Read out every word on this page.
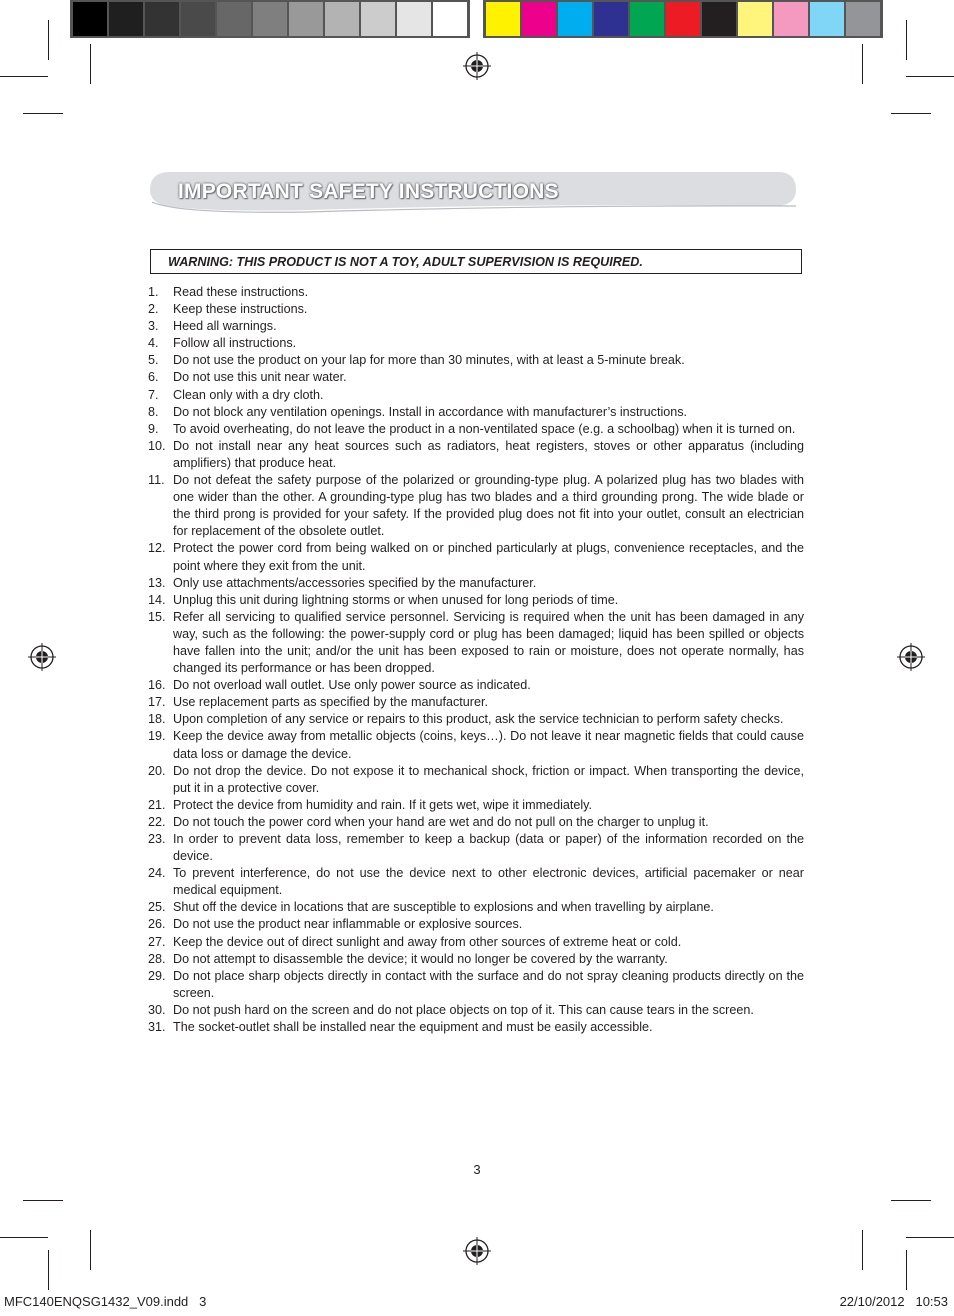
IMPORTANT SAFETY INSTRUCTIONS
WARNING: THIS PRODUCT IS NOT A TOY, ADULT SUPERVISION IS REQUIRED.
1. Read these instructions.
2. Keep these instructions.
3. Heed all warnings.
4. Follow all instructions.
5. Do not use the product on your lap for more than 30 minutes, with at least a 5-minute break.
6. Do not use this unit near water.
7. Clean only with a dry cloth.
8. Do not block any ventilation openings. Install in accordance with manufacturer’s instructions.
9. To avoid overheating, do not leave the product in a non-ventilated space (e.g. a schoolbag) when it is turned on.
10. Do not install near any heat sources such as radiators, heat registers, stoves or other apparatus (including amplifiers) that produce heat.
11. Do not defeat the safety purpose of the polarized or grounding-type plug. A polarized plug has two blades with one wider than the other. A grounding-type plug has two blades and a third grounding prong. The wide blade or the third prong is provided for your safety. If the provided plug does not fit into your outlet, consult an electrician for replacement of the obsolete outlet.
12. Protect the power cord from being walked on or pinched particularly at plugs, convenience receptacles, and the point where they exit from the unit.
13. Only use attachments/accessories specified by the manufacturer.
14. Unplug this unit during lightning storms or when unused for long periods of time.
15. Refer all servicing to qualified service personnel. Servicing is required when the unit has been damaged in any way, such as the following: the power-supply cord or plug has been damaged; liquid has been spilled or objects have fallen into the unit; and/or the unit has been exposed to rain or moisture, does not operate normally, has changed its performance or has been dropped.
16. Do not overload wall outlet. Use only power source as indicated.
17. Use replacement parts as specified by the manufacturer.
18. Upon completion of any service or repairs to this product, ask the service technician to perform safety checks.
19. Keep the device away from metallic objects (coins, keys…). Do not leave it near magnetic fields that could cause data loss or damage the device.
20. Do not drop the device. Do not expose it to mechanical shock, friction or impact. When transporting the device, put it in a protective cover.
21. Protect the device from humidity and rain. If it gets wet, wipe it immediately.
22. Do not touch the power cord when your hand are wet and do not pull on the charger to unplug it.
23. In order to prevent data loss, remember to keep a backup (data or paper) of the information recorded on the device.
24. To prevent interference, do not use the device next to other electronic devices, artificial pacemaker or near medical equipment.
25. Shut off the device in locations that are susceptible to explosions and when travelling by airplane.
26. Do not use the product near inflammable or explosive sources.
27. Keep the device out of direct sunlight and away from other sources of extreme heat or cold.
28. Do not attempt to disassemble the device; it would no longer be covered by the warranty.
29. Do not place sharp objects directly in contact with the surface and do not spray cleaning products directly on the screen.
30. Do not push hard on the screen and do not place objects on top of it. This can cause tears in the screen.
31. The socket-outlet shall be installed near the equipment and must be easily accessible.
3
MFC140ENQSG1432_V09.indd   3	22/10/2012   10:53
